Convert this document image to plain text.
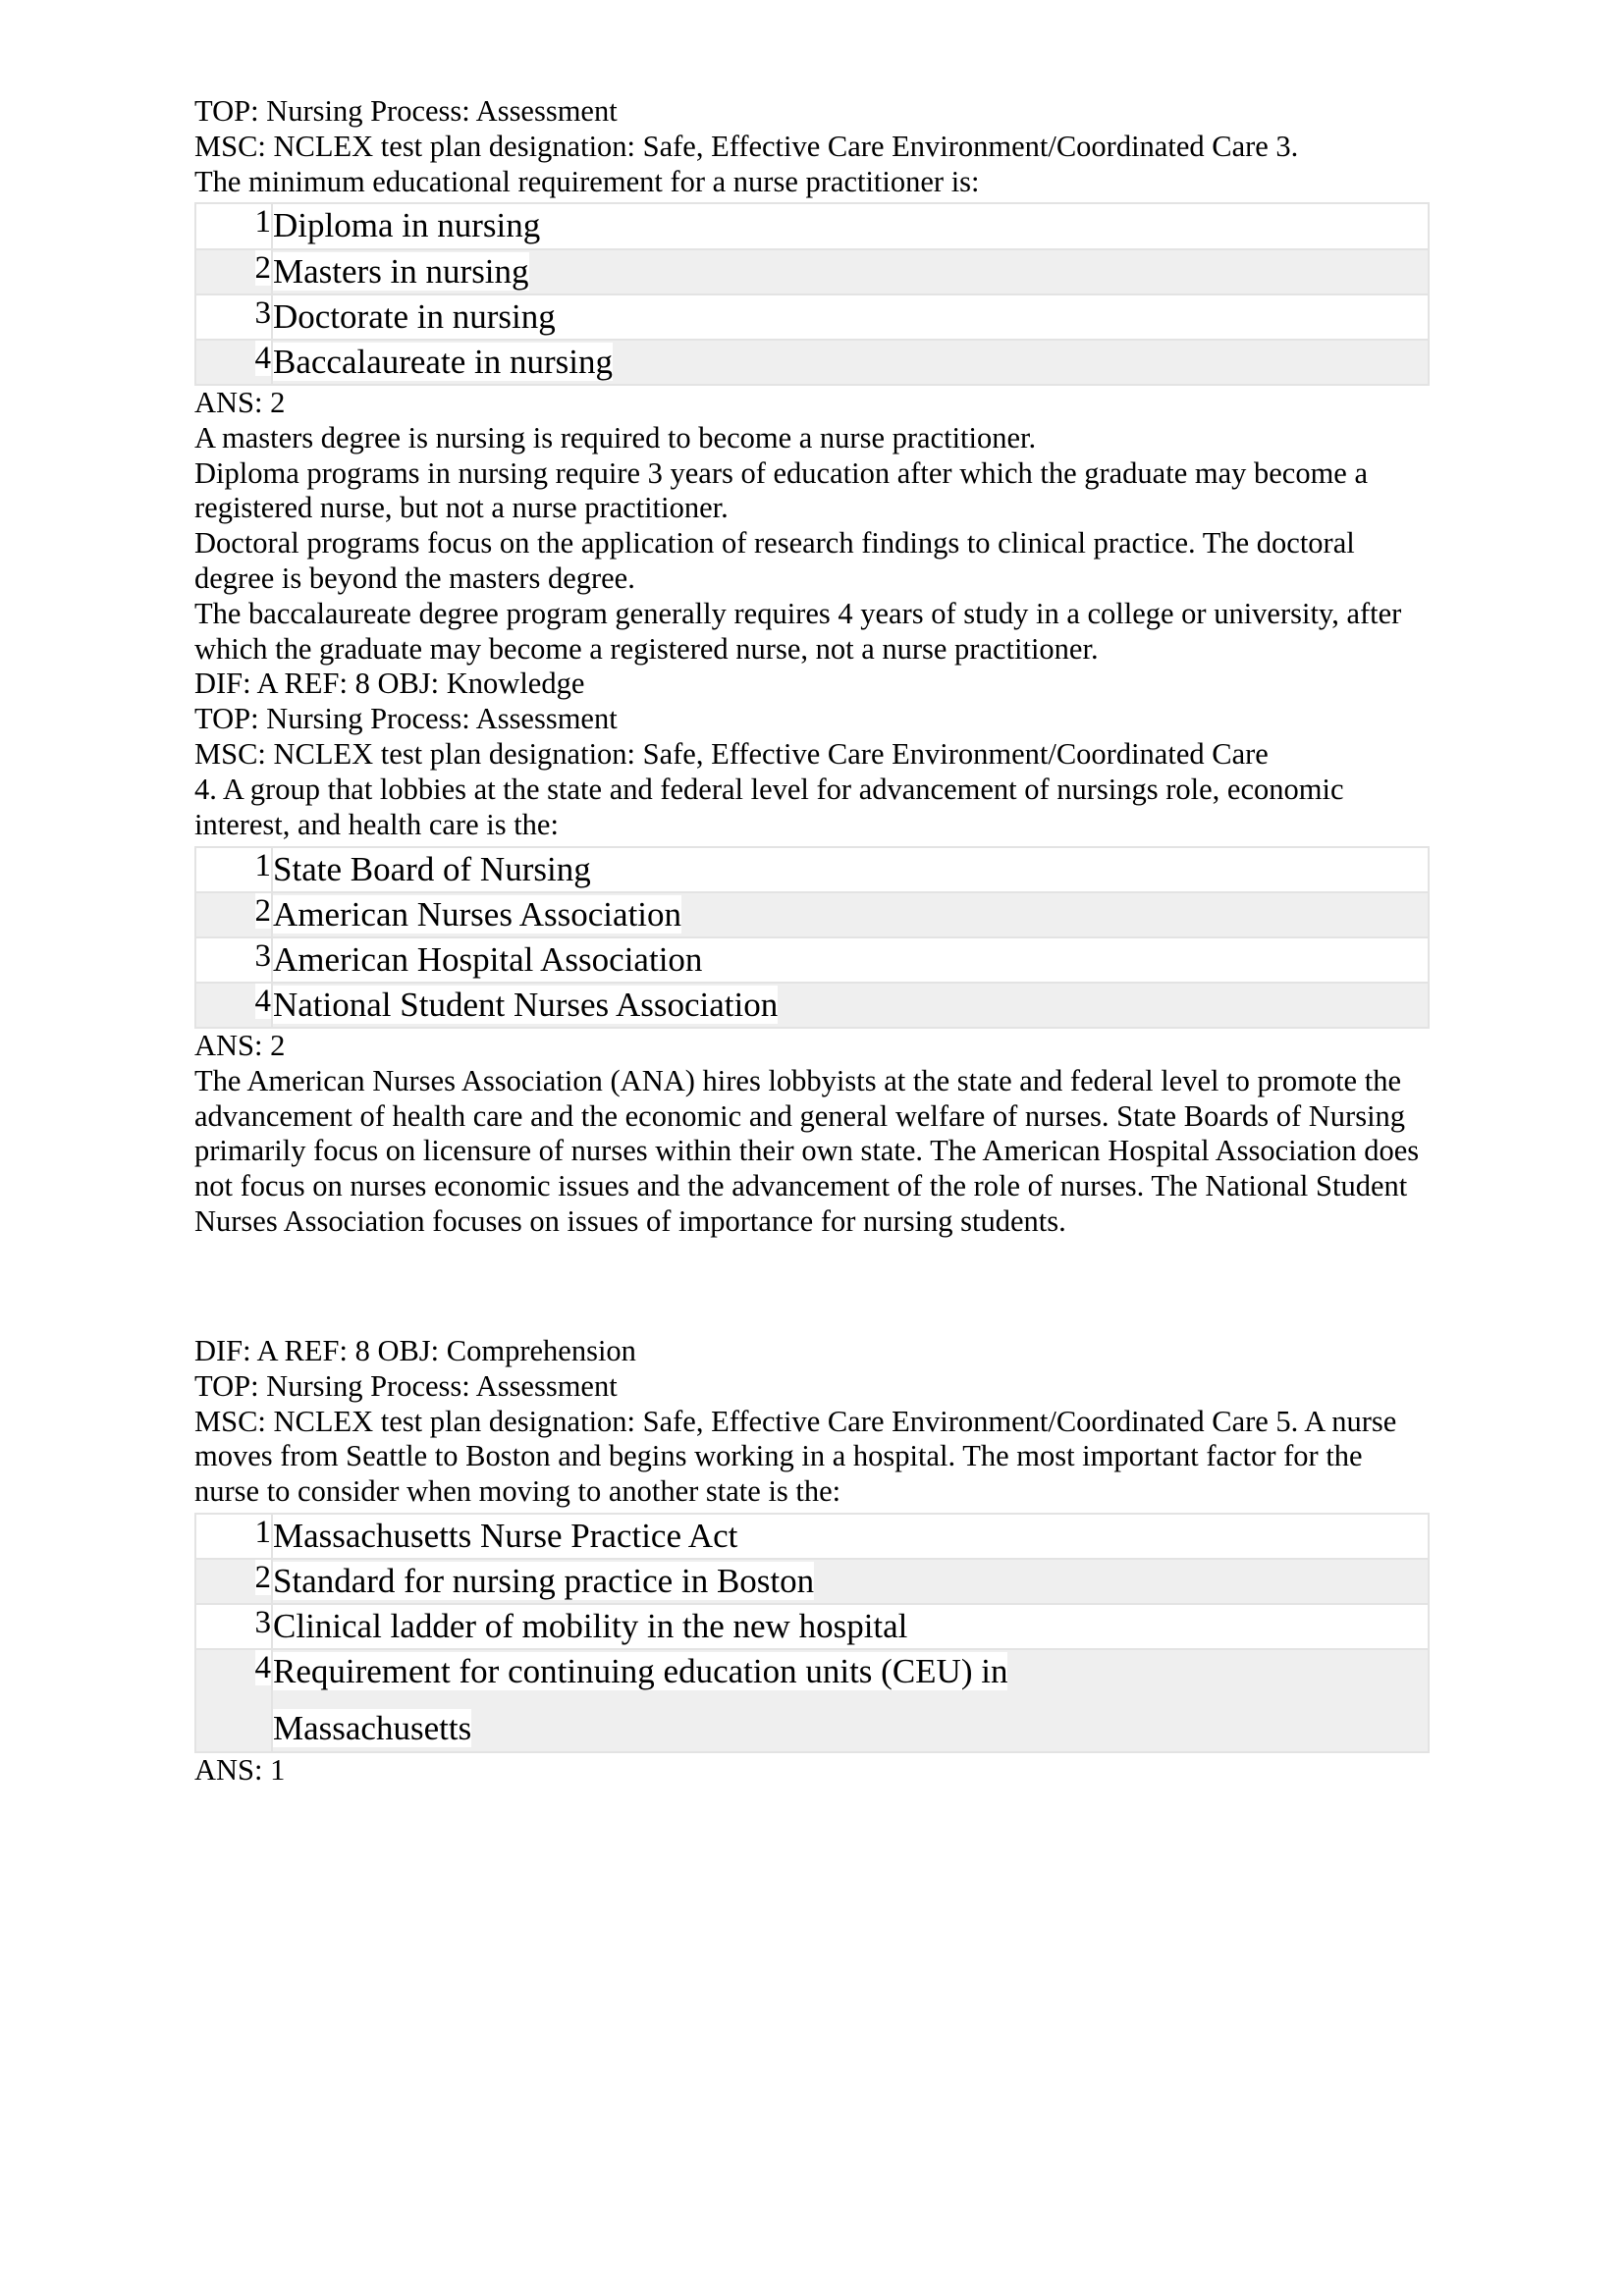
TOP: Nursing Process: Assessment

MSC: NCLEX test plan designation: Safe, Effective Care Environment/Coordinated Care 3.

The minimum educational requirement for a nurse practitioner is:

1	Diploma in nursing
2	Masters in nursing
3	Doctorate in nursing
4	Baccalaureate in nursing

ANS: 2

A masters degree is nursing is required to become a nurse practitioner.

Diploma programs in nursing require 3 years of education after which the graduate may become a registered nurse, but not a nurse practitioner.

Doctoral programs focus on the application of research findings to clinical practice. The doctoral degree is beyond the masters degree.

The baccalaureate degree program generally requires 4 years of study in a college or university, after which the graduate may become a registered nurse, not a nurse practitioner.

DIF: A REF: 8 OBJ: Knowledge

TOP: Nursing Process: Assessment

MSC: NCLEX test plan designation: Safe, Effective Care Environment/Coordinated Care

4. A group that lobbies at the state and federal level for advancement of nursings role, economic interest, and health care is the:

1	State Board of Nursing
2	American Nurses Association
3	American Hospital Association
4	National Student Nurses Association

ANS: 2

The American Nurses Association (ANA) hires lobbyists at the state and federal level to promote the advancement of health care and the economic and general welfare of nurses. State Boards of Nursing primarily focus on licensure of nurses within their own state. The American Hospital Association does not focus on nurses economic issues and the advancement of the role of nurses. The National Student Nurses Association focuses on issues of importance for nursing students.

DIF: A REF: 8 OBJ: Comprehension

TOP: Nursing Process: Assessment

MSC: NCLEX test plan designation: Safe, Effective Care Environment/Coordinated Care 5. A nurse moves from Seattle to Boston and begins working in a hospital. The most important factor for the nurse to consider when moving to another state is the:

1	Massachusetts Nurse Practice Act

2	Standard for nursing practice in Boston

3	Clinical ladder of mobility in the new hospital

4	Requirement for continuing education units (CEU) in
Massachusetts

ANS: 1
